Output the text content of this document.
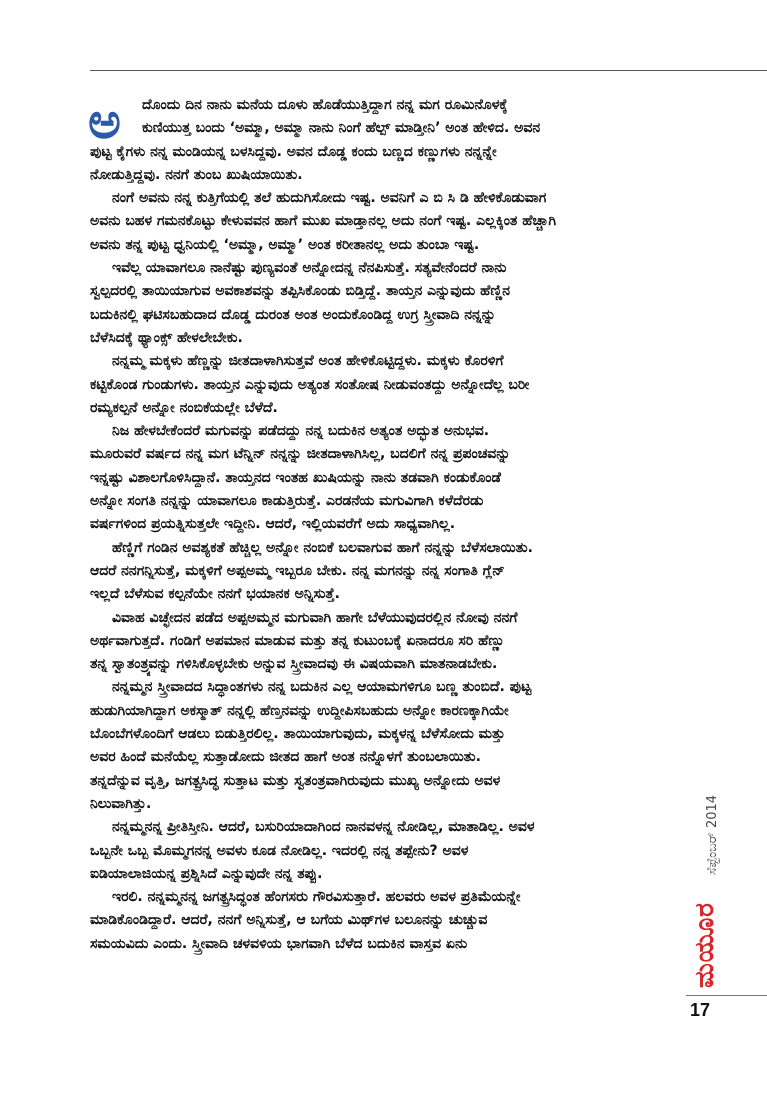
ಅ	ದೊಂದು ದಿನ ನಾನು ಮನೆಯ ದೂಳು ಹೊಡೆಯುತ್ತಿದ್ದಾಗ ನನ್ನ ಮಗ ರೂಮಿನೊಳಕ್ಕೆ
ಕುಣಿಯುತ್ತ ಬಂದು ‘ಅಮ್ಮಾ, ಅಮ್ಮಾ ನಾನು ನಿಂಗೆ ಹೆಲ್ಪ್ ಮಾಡ್ತೀನಿ’ ಅಂತ ಹೇಳಿದ. ಅವನ
ಪುಟ್ಟ ಕೈಗಳು ನನ್ನ ಮಂಡಿಯನ್ನ ಬಳಸಿದ್ದವು. ಅವನ ದೊಡ್ಡ ಕಂದು ಬಣ್ಣದ ಕಣ್ಣುಗಳು ನನ್ನನ್ನೇ
ನೋಡುತ್ತಿದ್ದವು. ನನಗೆ ತುಂಬ ಖುಷಿಯಾಯಿತು.
ನಂಗೆ ಅವನು ನನ್ನ ಕುತ್ತಿಗೆಯಲ್ಲಿ ತಲೆ ಹುದುಗಿಸೋದು ಇಷ್ಟ. ಅವನಿಗೆ ಎ ಬಿ ಸಿ ಡಿ ಹೇಳಿಕೊಡುವಾಗ
ಅವನು ಬಹಳ ಗಮನಕೊಟ್ಟು ಕೇಳುವವನ ಹಾಗೆ ಮುಖ ಮಾಡ್ತಾನಲ್ಲ ಅದು ನಂಗೆ ಇಷ್ಟ. ಎಲ್ಲಕ್ಕಿಂತ ಹೆಚ್ಚಾಗಿ
ಅವನು ತನ್ನ ಪುಟ್ಟ ಧ್ವನಿಯಲ್ಲಿ ‘ಅಮ್ಮಾ, ಅಮ್ಮಾ’ ಅಂತ ಕರೀತಾನಲ್ಲ ಅದು ತುಂಬಾ ಇಷ್ಟ.
ಇವೆಲ್ಲ ಯಾವಾಗಲೂ ನಾನೆಷ್ಟು ಪುಣ್ಯವಂತೆ ಅನ್ನೋದನ್ನ ನೆನಪಿಸುತ್ತೆ. ಸತ್ಯವೇನೆಂದರೆ ನಾನು
ಸ್ವಲ್ಪದರಲ್ಲಿ ತಾಯಿಯಾಗುವ ಅವಕಾಶವನ್ನು ತಪ್ಪಿಸಿಕೊಂಡು ಬಿಡ್ತಿದ್ದೆ. ತಾಯ್ತನ ಎನ್ನುವುದು ಹೆಣ್ಣಿನ
ಬದುಕಿನಲ್ಲಿ ಘಟಿಸಬಹುದಾದ ದೊಡ್ಡ ದುರಂತ ಅಂತ ಅಂದುಕೊಂಡಿದ್ದ ಉಗ್ರ ಸ್ತ್ರೀವಾದಿ ನನ್ನನ್ನು
ಬೆಳೆಸಿದಕ್ಕೆ ಥ್ಯಾಂಕ್ಸ್ ಹೇಳಲೇಬೇಕು.
ನನ್ನಮ್ಮ ಮಕ್ಕಳು ಹೆಣ್ಣನ್ನು ಜೀತದಾಳಾಗಿಸುತ್ತವೆ ಅಂತ ಹೇಳಿಕೊಟ್ಟಿದ್ದಳು. ಮಕ್ಕಳು ಕೊರಳಿಗೆ
ಕಟ್ಟಿಕೊಂಡ ಗುಂಡುಗಳು. ತಾಯ್ತನ ಎನ್ನುವುದು ಅತ್ಯಂತ ಸಂತೋಷ ನೀಡುವಂತದ್ದು ಅನ್ನೋದೆಲ್ಲ ಬರೀ
ರಮ್ಯಕಲ್ಪನೆ ಅನ್ನೋ ನಂಬಿಕೆಯಲ್ಲೇ ಬೆಳೆದೆ.
ನಿಜ ಹೇಳಬೇಕೆಂದರೆ ಮಗುವನ್ನು ಪಡೆದದ್ದು ನನ್ನ ಬದುಕಿನ ಅತ್ಯಂತ ಅದ್ಭುತ ಅನುಭವ.
ಮೂರುವರೆ ವರ್ಷದ ನನ್ನ ಮಗ ಟೆನ್ನಿನ್ ನನ್ನನ್ನು ಜೀತದಾಳಾಗಿಸಿಲ್ಲ, ಬದಲಿಗೆ ನನ್ನ ಪ್ರಪಂಚವನ್ನು
ಇನ್ನಷ್ಟು ವಿಶಾಲಗೊಳಿಸಿದ್ದಾನೆ. ತಾಯ್ತನದ ಇಂತಹ ಖುಷಿಯನ್ನು ನಾನು ತಡವಾಗಿ ಕಂಡುಕೊಂಡೆ
ಅನ್ನೋ ಸಂಗತಿ ನನ್ನನ್ನು ಯಾವಾಗಲೂ ಕಾಡುತ್ತಿರುತ್ತೆ. ಎರಡನೆಯ ಮಗುವಿಗಾಗಿ ಕಳೆದೆರಡು
ವರ್ಷಗಳಿಂದ ಪ್ರಯತ್ನಿಸುತ್ತಲೇ ಇದ್ದೀನಿ. ಆದರೆ, ಇಲ್ಲಿಯವರೆಗೆ ಅದು ಸಾಧ್ಯವಾಗಿಲ್ಲ.
ಹೆಣ್ಣಿಗೆ ಗಂಡಿನ ಅವಶ್ಯಕತೆ ಹೆಚ್ಚಿಲ್ಲ ಅನ್ನೋ ನಂಬಿಕೆ ಬಲವಾಗುವ ಹಾಗೆ ನನ್ನನ್ನು ಬೆಳೆಸಲಾಯಿತು.
ಆದರೆ ನನಗನ್ನಿಸುತ್ತೆ, ಮಕ್ಕಳಿಗೆ ಅಪ್ಪಅಮ್ಮ ಇಬ್ಬರೂ ಬೇಕು. ನನ್ನ ಮಗನನ್ನು ನನ್ನ ಸಂಗಾತಿ ಗ್ಲೆನ್
ಇಲ್ಲದೆ ಬೆಳೆಸುವ ಕಲ್ಪನೆಯೇ ನನಗೆ ಭಯಾನಕ ಅನ್ನಿಸುತ್ತೆ.
ವಿವಾಹ ವಿಚ್ಛೇದನ ಪಡೆದ ಅಪ್ಪಅಮ್ಮನ ಮಗುವಾಗಿ ಹಾಗೇ ಬೆಳೆಯುವುದರಲ್ಲಿನ ನೋವು ನನಗೆ
ಅರ್ಥವಾಗುತ್ತದೆ. ಗಂಡಿಗೆ ಅಪಮಾನ ಮಾಡುವ ಮತ್ತು ತನ್ನ ಕುಟುಂಬಕ್ಕೆ ಏನಾದರೂ ಸರಿ ಹೆಣ್ಣು
ತನ್ನ ಸ್ವಾತಂತ್ರ್ಯವನ್ನು ಗಳಿಸಿಕೊಳ್ಳಬೇಕು ಅನ್ನುವ ಸ್ತ್ರೀವಾದವು ಈ ವಿಷಯವಾಗಿ ಮಾತನಾಡಬೇಕು.
ನನ್ನಮ್ಮನ ಸ್ತ್ರೀವಾದದ ಸಿದ್ಧಾಂತಗಳು ನನ್ನ ಬದುಕಿನ ಎಲ್ಲ ಆಯಾಮಗಳಿಗೂ ಬಣ್ಣ ತುಂಬಿದೆ. ಪುಟ್ಟ
ಹುಡುಗಿಯಾಗಿದ್ದಾಗ ಅಕಸ್ಮಾತ್ ನನ್ನಲ್ಲಿ ಹೆಣ್ತನವನ್ನು ಉದ್ದೀಪಿಸಬಹುದು ಅನ್ನೋ ಕಾರಣಕ್ಕಾಗಿಯೇ
ಬೊಂಬೆಗಳೊಂದಿಗೆ ಆಡಲು ಬಿಡುತ್ತಿರಲಿಲ್ಲ. ತಾಯಿಯಾಗುವುದು, ಮಕ್ಕಳನ್ನ ಬೆಳೆಸೋದು ಮತ್ತು
ಅವರ ಹಿಂದೆ ಮನೆಯೆಲ್ಲ ಸುತ್ತಾಡೋದು ಜೀತದ ಹಾಗೆ ಅಂತ ನನ್ನೊಳಗೆ ತುಂಬಲಾಯಿತು.
ತನ್ನದೆನ್ನುವ ವೃತ್ತಿ, ಜಗತ್ಪ್ರಸಿದ್ಧ ಸುತ್ತಾಟ ಮತ್ತು ಸ್ವತಂತ್ರವಾಗಿರುವುದು ಮುಖ್ಯ ಅನ್ನೋದು ಅವಳ
ನಿಲುವಾಗಿತ್ತು.
ನನ್ನಮ್ಮನನ್ನ ಪ್ರೀತಿಸ್ತೀನಿ. ಆದರೆ, ಬಸುರಿಯಾದಾಗಿಂದ ನಾನವಳನ್ನ ನೋಡಿಲ್ಲ, ಮಾತಾಡಿಲ್ಲ. ಅವಳ
ಒಬ್ಬನೇ ಒಬ್ಬ ಮೊಮ್ಮಗನನ್ನ ಅವಳು ಕೂಡ ನೋಡಿಲ್ಲ. ಇದರಲ್ಲಿ ನನ್ನ ತಪ್ಪೇನು? ಅವಳ
ಐಡಿಯಾಲಾಜಿಯನ್ನ ಪ್ರಶ್ನಿಸಿದೆ ಎನ್ನುವುದೇ ನನ್ನ ತಪ್ಪು.
ಇರಲಿ. ನನ್ನಮ್ಮನನ್ನ ಜಗತ್ಪ್ರಸಿದ್ಧಂತ ಹೆಂಗಸರು ಗೌರವಿಸುತ್ತಾರೆ. ಹಲವರು ಅವಳ ಪ್ರತಿಮೆಯನ್ನೇ
ಮಾಡಿಕೊಂಡಿದ್ದಾರೆ. ಆದರೆ, ನನಗೆ ಅನ್ನಿಸುತ್ತೆ, ಆ ಬಗೆಯ ಮಿಥ್‌ಗಳ ಬಲೂನನ್ನು ಚುಚ್ಚುವ
ಸಮಯವಿದು ಎಂದು. ಸ್ತ್ರೀವಾದಿ ಚಳವಳಿಯ ಭಾಗವಾಗಿ ಬೆಳೆದ ಬದುಕಿನ ವಾಸ್ತವ ಏನು	ಮಯೂರ
ಸೆಪ್ಟೆಂಬರ್ 2014
17
